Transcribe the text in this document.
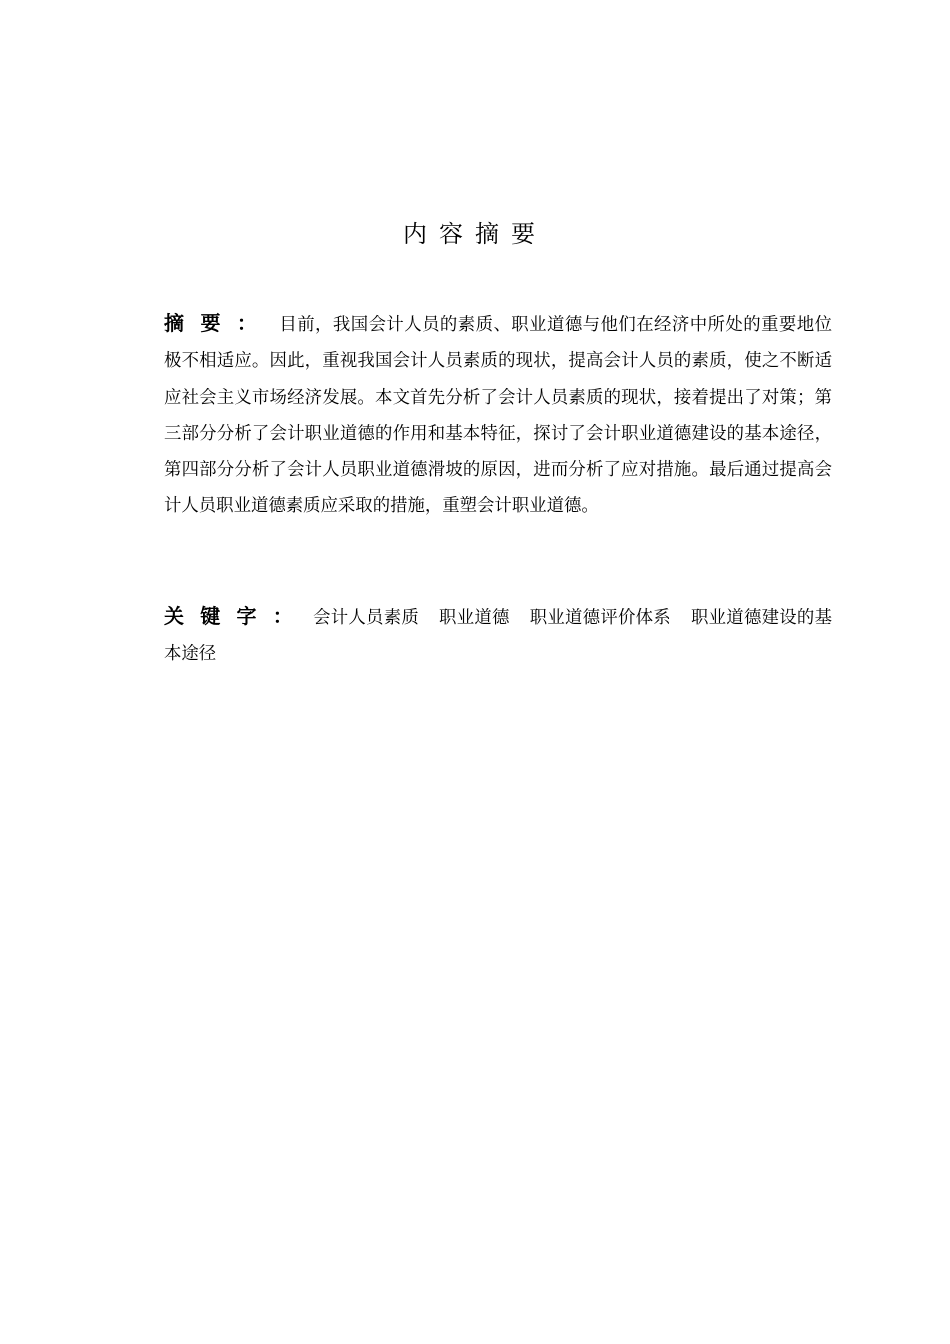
内容摘要
摘要： 目前，我国会计人员的素质、职业道德与他们在经济中所处的重要地位极不相适应。因此，重视我国会计人员素质的现状，提高会计人员的素质，使之不断适应社会主义市场经济发展。本文首先分析了会计人员素质的现状，接着提出了对策；第三部分分析了会计职业道德的作用和基本特征，探讨了会计职业道德建设的基本途径，第四部分分析了会计人员职业道德滑坡的原因，进而分析了应对措施。最后通过提高会计人员职业道德素质应采取的措施，重塑会计职业道德。
关键字： 会计人员素质 职业道德 职业道德评价体系 职业道德建设的基本途径
